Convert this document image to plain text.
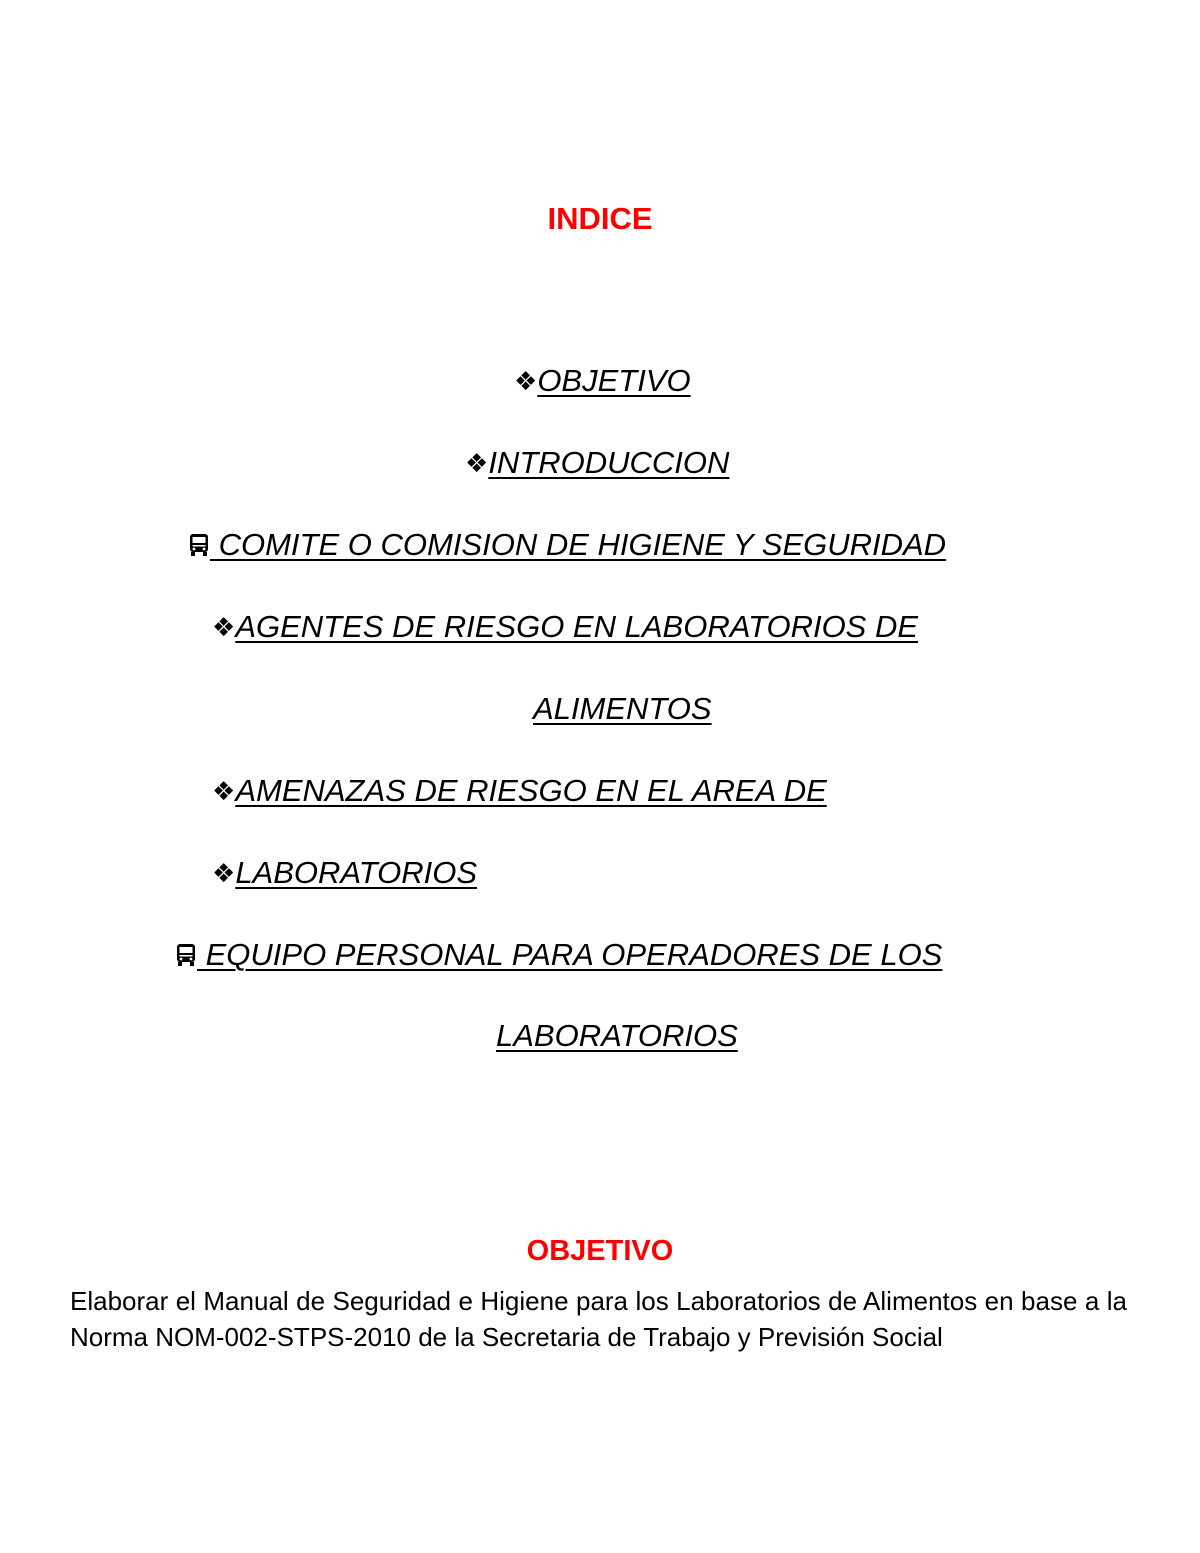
INDICE
❖OBJETIVO
❖INTRODUCCION
COMITE O COMISION DE HIGIENE Y SEGURIDAD
❖AGENTES DE RIESGO EN LABORATORIOS DE
ALIMENTOS
❖AMENAZAS DE RIESGO EN EL AREA DE
❖LABORATORIOS
EQUIPO PERSONAL PARA OPERADORES DE LOS
LABORATORIOS
OBJETIVO

Elaborar el Manual de Seguridad e Higiene para los Laboratorios de Alimentos en base a la Norma NOM-002-STPS-2010 de la Secretaria de Trabajo y Previsión Social
